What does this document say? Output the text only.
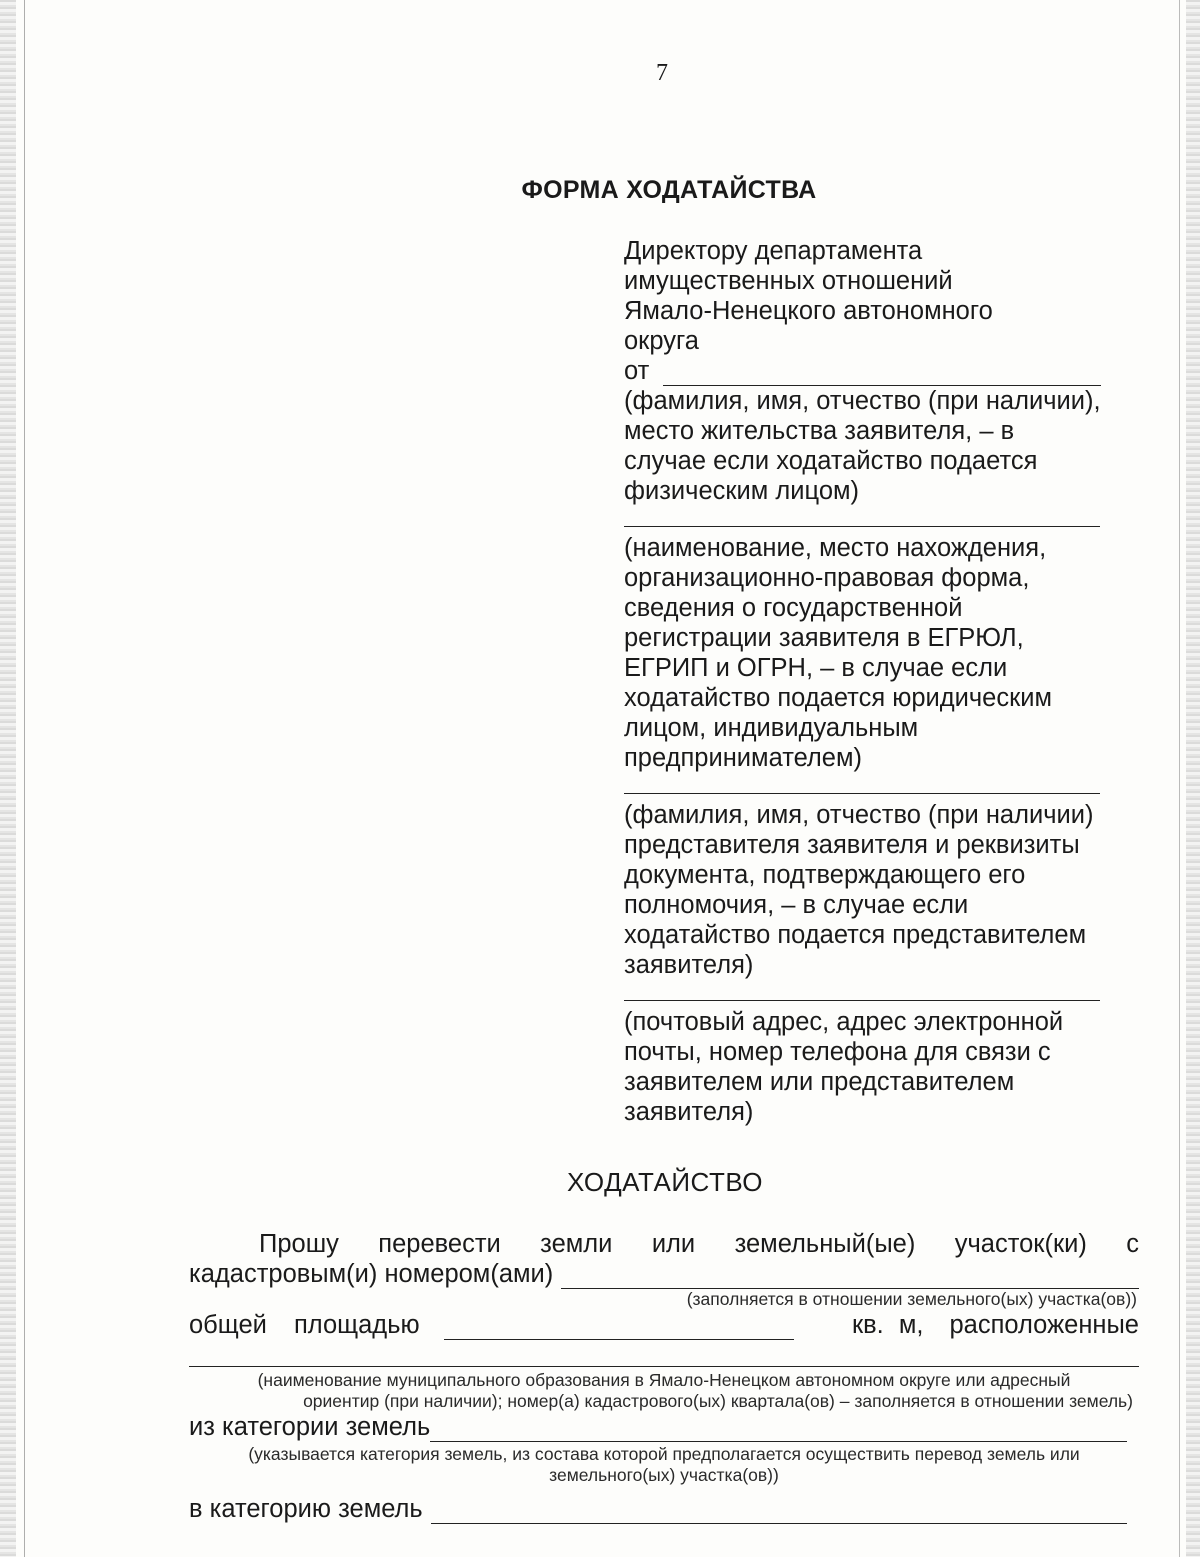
7
ФОРМА ХОДАТАЙСТВА
Директору департамента
имущественных отношений
Ямало-Ненецкого автономного
округа
от
(фамилия, имя, отчество (при наличии),
место жительства заявителя, – в
случае если ходатайство подается
физическим лицом)
(наименование, место нахождения,
организационно-правовая форма,
сведения о государственной
регистрации заявителя в ЕГРЮЛ,
ЕГРИП и ОГРН, – в случае если
ходатайство подается юридическим
лицом, индивидуальным
предпринимателем)
(фамилия, имя, отчество (при наличии)
представителя заявителя и реквизиты
документа, подтверждающего его
полномочия, – в случае если
ходатайство подается представителем
заявителя)
(почтовый адрес, адрес электронной
почты, номер телефона для связи с
заявителем или представителем
заявителя)
ХОДАТАЙСТВО
Прошу перевести земли или земельный(ые) участок(ки) с
кадастровым(и) номером(ами)
(заполняется в отношении земельного(ых) участка(ов))
общей площадью	кв. м, расположенные
(наименование муниципального образования в Ямало-Ненецком автономном округе или адресный
ориентир (при наличии); номер(а) кадастрового(ых) квартала(ов) – заполняется в отношении земель)
из категории земель
(указывается категория земель, из состава которой предполагается осуществить перевод земель или
земельного(ых) участка(ов))
в категорию земель
